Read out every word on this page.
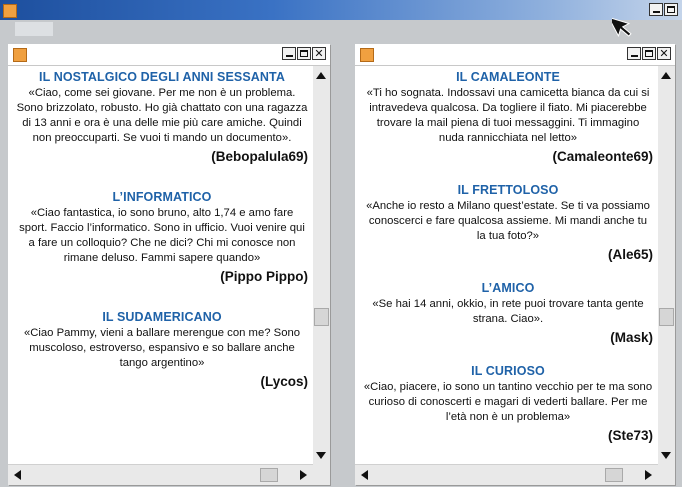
✕
IL NOSTALGICO DEGLI ANNI SESSANTA
«Ciao, come sei giovane. Per me non è un problema. Sono brizzolato, robusto. Ho già chattato con una ragazza di 13 anni e ora è una delle mie più care amiche. Quindi non preoccuparti. Se vuoi ti mando un documento».
(Bebopalula69)
L’INFORMATICO
«Ciao fantastica, io sono bruno, alto 1,74 e amo fare sport. Faccio l’informatico. Sono in ufficio. Vuoi venire qui a fare un colloquio? Che ne dici? Chi mi conosce non rimane deluso. Fammi sapere quando»
(Pippo Pippo)
IL SUDAMERICANO
«Ciao Pammy, vieni a ballare merengue con me? Sono muscoloso, estroverso, espansivo e so ballare anche tango argentino»
(Lycos)
✕
IL CAMALEONTE
«Ti ho sognata. Indossavi una camicetta bianca da cui si intravedeva qualcosa. Da togliere il fiato. Mi piacerebbe trovare la mail piena di tuoi messaggini. Ti immagino nuda rannicchiata nel letto»
(Camaleonte69)
IL FRETTOLOSO
«Anche io resto a Milano quest’estate. Se ti va possiamo conoscerci e fare qualcosa assieme. Mi mandi anche tu la tua foto?»
(Ale65)
L’AMICO
«Se hai 14 anni, okkio, in rete puoi trovare tanta gente strana. Ciao».
(Mask)
IL CURIOSO
«Ciao, piacere, io sono un tantino vecchio per te ma sono curioso di conoscerti e magari di vederti ballare. Per me l’età non è un problema»
(Ste73)
